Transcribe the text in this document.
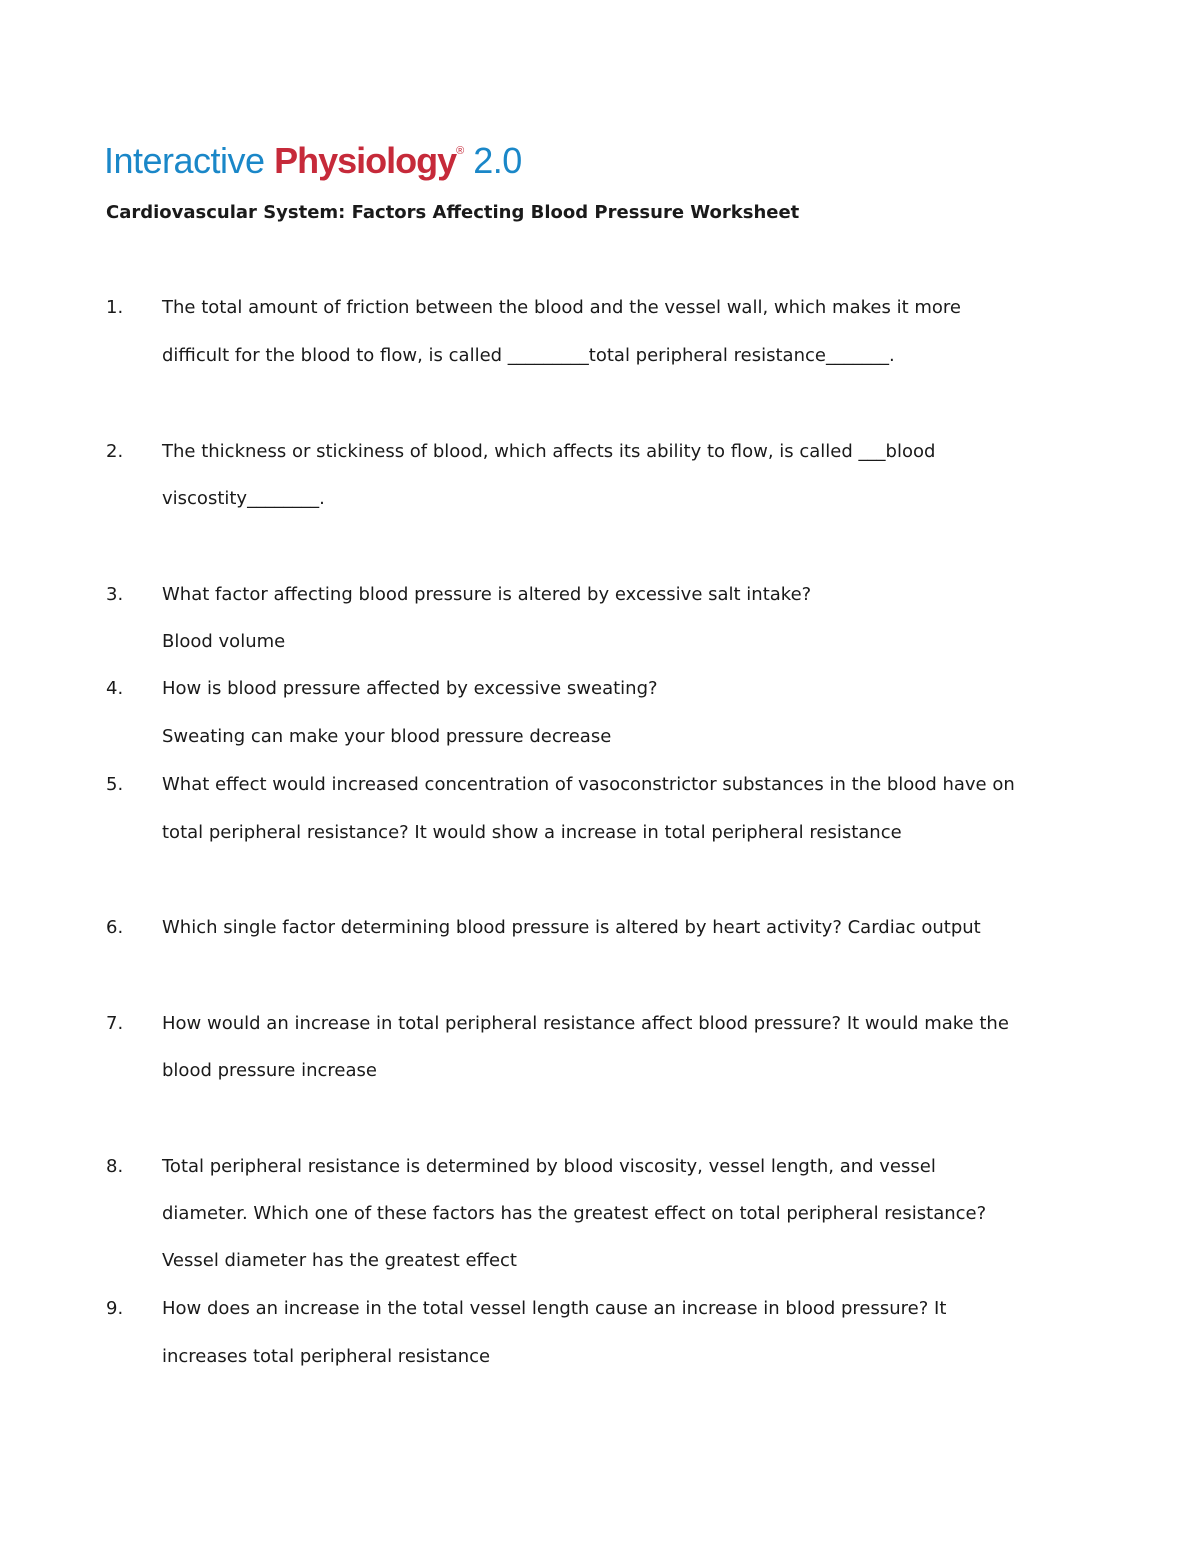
Interactive Physiology® 2.0
Cardiovascular System: Factors Affecting Blood Pressure Worksheet
1. The total amount of friction between the blood and the vessel wall, which makes it more
difficult for the blood to flow, is called _________total peripheral resistance_______.
2. The thickness or stickiness of blood, which affects its ability to flow, is called ___blood
viscostity________.
3. What factor affecting blood pressure is altered by excessive salt intake?
Blood volume
4. How is blood pressure affected by excessive sweating?
Sweating can make your blood pressure decrease
5. What effect would increased concentration of vasoconstrictor substances in the blood have on
total peripheral resistance? It would show a increase in total peripheral resistance
6. Which single factor determining blood pressure is altered by heart activity? Cardiac output
7. How would an increase in total peripheral resistance affect blood pressure? It would make the
blood pressure increase
8. Total peripheral resistance is determined by blood viscosity, vessel length, and vessel
diameter. Which one of these factors has the greatest effect on total peripheral resistance?
Vessel diameter has the greatest effect
9. How does an increase in the total vessel length cause an increase in blood pressure? It
increases total peripheral resistance
